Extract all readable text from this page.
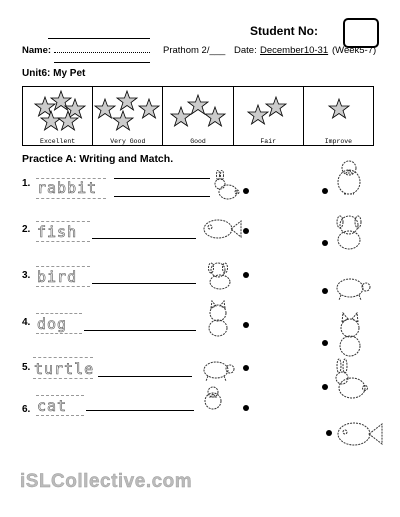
Student No:
Name:	Prathom 2/___ Date: December10-31 (Week5-7)
Unit6: My Pet
Excellent	Very Good	Good	Fair	Improve
Practice A: Writing and Match.
1. rabbit
2. fish
3. bird
4. dog
5. turtle
6. cat
iSLCollective.com
